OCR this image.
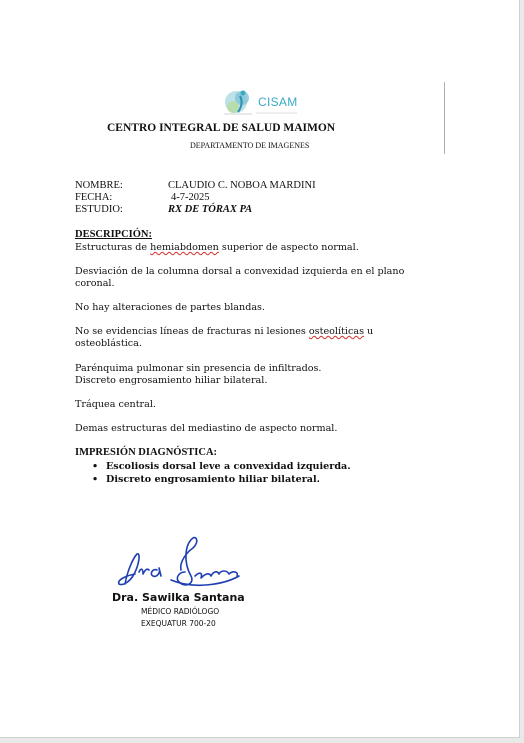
CISAM
CENTRO INTEGRAL DE SALUD MAIMON
DEPARTAMENTO DE IMAGENES
NOMBRE:	CLAUDIO C. NOBOA MARDINI
FECHA:	4-7-2025
ESTUDIO:	RX DE TÓRAX PA
DESCRIPCIÓN:
Estructuras de hemiabdomen superior de aspecto normal.
Desviación de la columna dorsal a convexidad izquierda en el plano coronal.
No hay alteraciones de partes blandas.
No se evidencias líneas de fracturas ni lesiones osteolíticas u osteoblástica.
Parénquima pulmonar sin presencia de infiltrados.
Discreto engrosamiento hiliar bilateral.
Tráquea central.
Demas estructuras del mediastino de aspecto normal.
IMPRESIÓN DIAGNÓSTICA:
• Escoliosis dorsal leve a convexidad izquierda.
• Discreto engrosamiento hiliar bilateral.
Dra. Sawilka Santana
MÉDICO RADIÓLOGO
EXEQUATUR 700-20
